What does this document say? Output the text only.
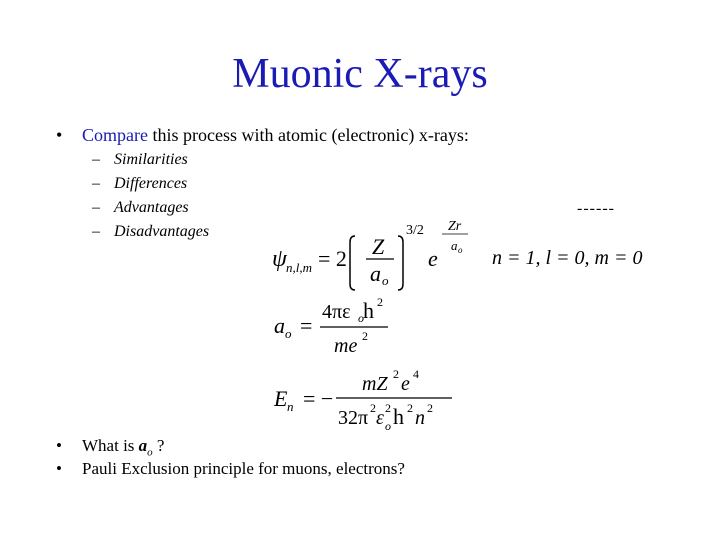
Muonic X-rays
• Compare this process with atomic (electronic) x-rays:
– Similarities
– Differences
– Advantages
– Disadvantages
------
ψ n,l,m = 2 Z
a o
3/2
e
Zr
a o n = 1, l = 0, m = 0
a o =
4πε o h 2
me 2
E n = −
mZ 2 e 4
32π 2 ε 2
o h 2 n 2
• What is $a_o$ ?
• Pauli Exclusion principle for muons, electrons?
